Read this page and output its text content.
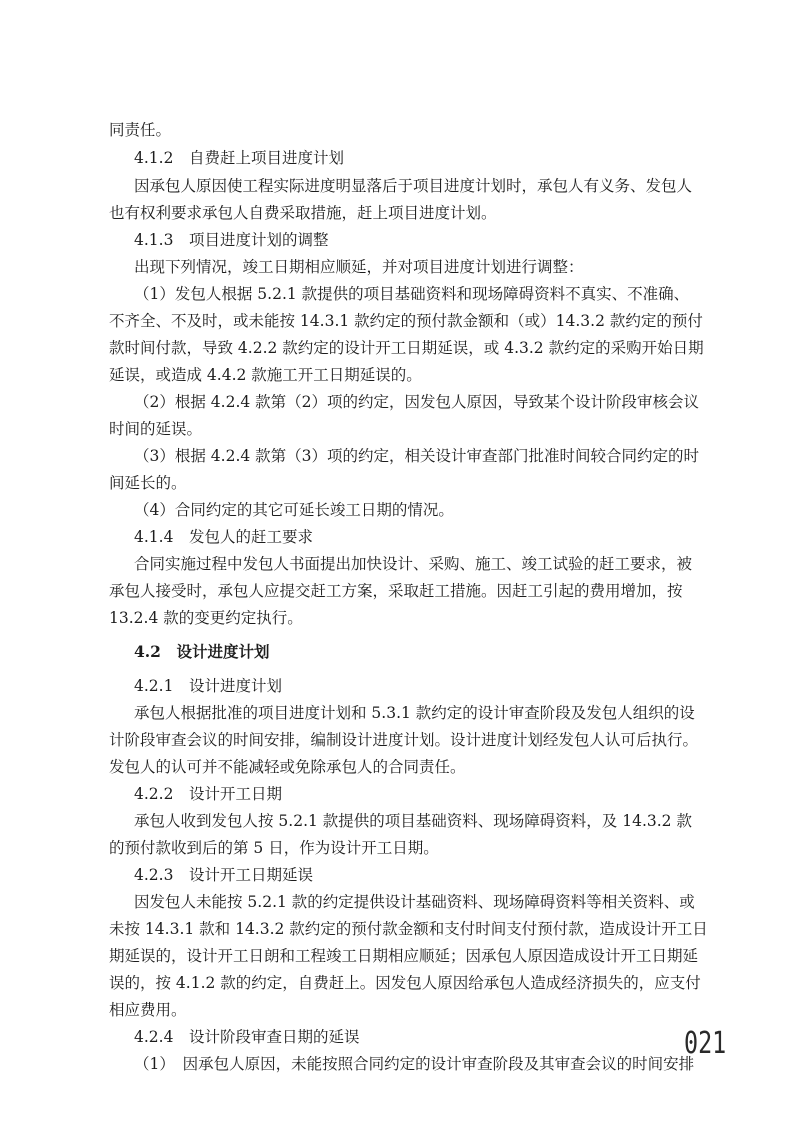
同责任。
4.1.2　自费赶上项目进度计划
因承包人原因使工程实际进度明显落后于项目进度计划时，承包人有义务、发包人
也有权利要求承包人自费采取措施，赶上项目进度计划。
4.1.3　项目进度计划的调整
出现下列情况，竣工日期相应顺延，并对项目进度计划进行调整：
（1）发包人根据 5.2.1 款提供的项目基础资料和现场障碍资料不真实、不准确、
不齐全、不及时，或未能按 14.3.1 款约定的预付款金额和（或）14.3.2 款约定的预付
款时间付款，导致 4.2.2 款约定的设计开工日期延误，或 4.3.2 款约定的采购开始日期
延误，或造成 4.4.2 款施工开工日期延误的。
（2）根据 4.2.4 款第（2）项的约定，因发包人原因，导致某个设计阶段审核会议
时间的延误。
（3）根据 4.2.4 款第（3）项的约定，相关设计审查部门批准时间较合同约定的时
间延长的。
（4）合同约定的其它可延长竣工日期的情况。
4.1.4　发包人的赶工要求
合同实施过程中发包人书面提出加快设计、采购、施工、竣工试验的赶工要求，被
承包人接受时，承包人应提交赶工方案，采取赶工措施。因赶工引起的费用增加，按
13.2.4 款的变更约定执行。
4.2　设计进度计划
4.2.1　设计进度计划
承包人根据批准的项目进度计划和 5.3.1 款约定的设计审查阶段及发包人组织的设
计阶段审查会议的时间安排，编制设计进度计划。设计进度计划经发包人认可后执行。
发包人的认可并不能减轻或免除承包人的合同责任。
4.2.2　设计开工日期
承包人收到发包人按 5.2.1 款提供的项目基础资料、现场障碍资料，及 14.3.2 款
的预付款收到后的第 5 日，作为设计开工日期。
4.2.3　设计开工日期延误
因发包人未能按 5.2.1 款的约定提供设计基础资料、现场障碍资料等相关资料、或
未按 14.3.1 款和 14.3.2 款约定的预付款金额和支付时间支付预付款，造成设计开工日
期延误的，设计开工日朗和工程竣工日期相应顺延；因承包人原因造成设计开工日期延
误的，按 4.1.2 款的约定，自费赶上。因发包人原因给承包人造成经济损失的，应支付
相应费用。
4.2.4　设计阶段审查日期的延误
（1）　因承包人原因，未能按照合同约定的设计审查阶段及其审查会议的时间安排
021
